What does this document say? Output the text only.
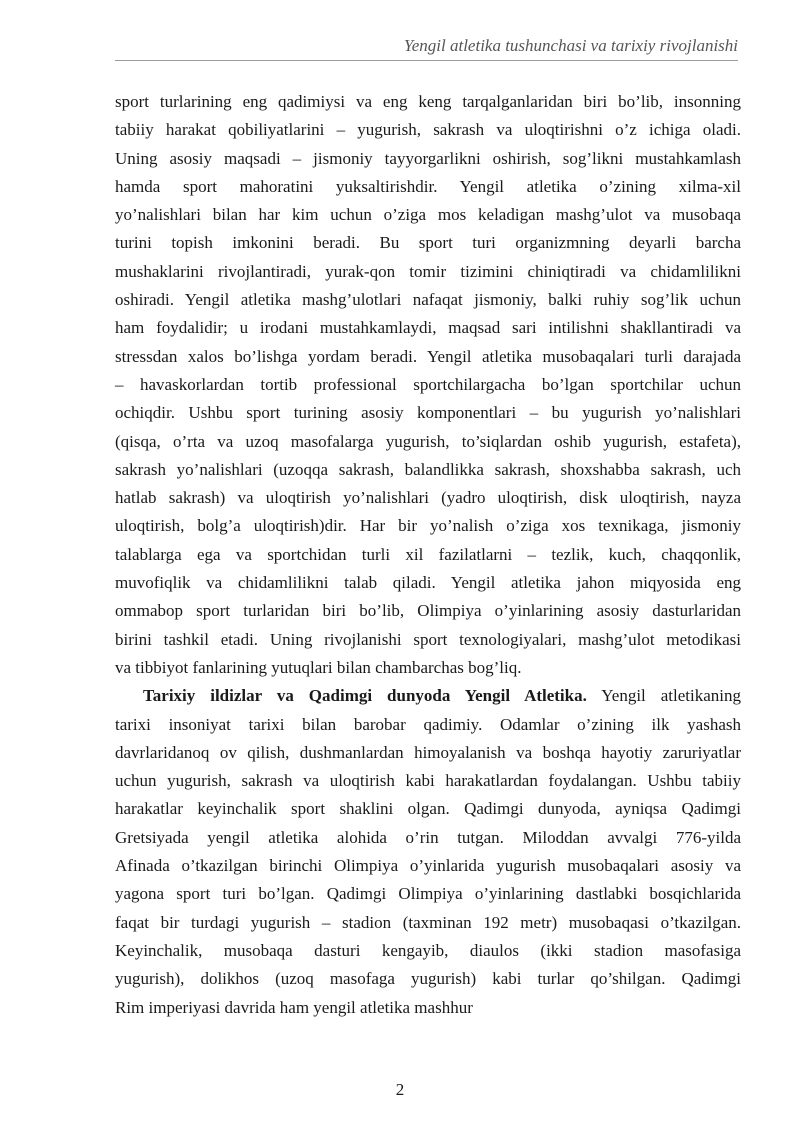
Yengil atletika tushunchasi va tarixiy rivojlanishi
sport turlarining eng qadimiysi va eng keng tarqalganlaridan biri bo’lib, insonning
tabiiy harakat qobiliyatlarini – yugurish, sakrash va uloqtirishni o’z ichiga oladi.
Uning asosiy maqsadi – jismoniy tayyorgarlikni oshirish, sog’likni mustahkamlash
hamda sport mahoratini yuksaltirishdir. Yengil atletika o’zining xilma-xil
yo’nalishlari bilan har kim uchun o’ziga mos keladigan mashg’ulot va musobaqa
turini topish imkonini beradi. Bu sport turi organizmning deyarli barcha
mushaklarini rivojlantiradi, yurak-qon tomir tizimini chiniqtiradi va chidamlilikni
oshiradi. Yengil atletika mashg’ulotlari nafaqat jismoniy, balki ruhiy sog’lik uchun
ham foydalidir; u irodani mustahkamlaydi, maqsad sari intilishni shakllantiradi va
stressdan xalos bo’lishga yordam beradi. Yengil atletika musobaqalari turli darajada
– havaskorlardan tortib professional sportchilargacha bo’lgan sportchilar uchun
ochiqdir. Ushbu sport turining asosiy komponentlari – bu yugurish yo’nalishlari
(qisqa, o’rta va uzoq masofalarga yugurish, to’siqlardan oshib yugurish, estafeta),
sakrash yo’nalishlari (uzoqqa sakrash, balandlikka sakrash, shoxshabba sakrash, uch
hatlab sakrash) va uloqtirish yo’nalishlari (yadro uloqtirish, disk uloqtirish, nayza
uloqtirish, bolg’a uloqtirish)dir. Har bir yo’nalish o’ziga xos texnikaga, jismoniy
talablarga ega va sportchidan turli xil fazilatlarni – tezlik, kuch, chaqqonlik,
muvofiqlik va chidamlilikni talab qiladi. Yengil atletika jahon miqyosida eng
ommabop sport turlaridan biri bo’lib, Olimpiya o’yinlarining asosiy dasturlaridan
birini tashkil etadi. Uning rivojlanishi sport texnologiyalari, mashg’ulot metodikasi
va tibbiyot fanlarining yutuqlari bilan chambarchas bog’liq.
Tarixiy ildizlar va Qadimgi dunyoda Yengil Atletika. Yengil atletikaning
tarixi insoniyat tarixi bilan barobar qadimiy. Odamlar o’zining ilk yashash
davrlaridanoq ov qilish, dushmanlardan himoyalanish va boshqa hayotiy zaruriyatlar
uchun yugurish, sakrash va uloqtirish kabi harakatlardan foydalangan. Ushbu tabiiy
harakatlar keyinchalik sport shaklini olgan. Qadimgi dunyoda, ayniqsa Qadimgi
Gretsiyada yengil atletika alohida o’rin tutgan. Miloddan avvalgi 776-yilda
Afinada o’tkazilgan birinchi Olimpiya o’yinlarida yugurish musobaqalari asosiy va
yagona sport turi bo’lgan. Qadimgi Olimpiya o’yinlarining dastlabki bosqichlarida
faqat bir turdagi yugurish – stadion (taxminan 192 metr) musobaqasi o’tkazilgan.
Keyinchalik, musobaqa dasturi kengayib, diaulos (ikki stadion masofasiga
yugurish), dolikhos (uzoq masofaga yugurish) kabi turlar qo’shilgan. Qadimgi
Rim imperiyasi davrida ham yengil atletika mashhur
2
